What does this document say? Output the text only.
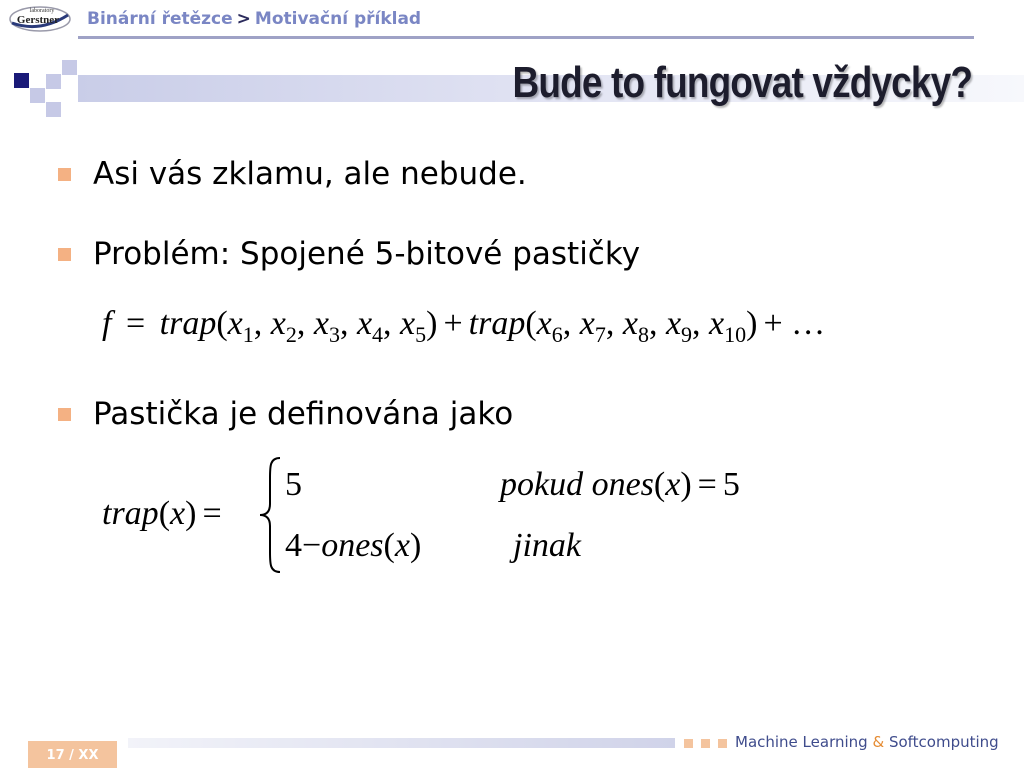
laboratory
Gerstner Binární řetězce > Motivační příklad
Bude to fungovat vždycky?
Asi vás zklamu, ale nebude.
Problém: Spojené 5-bitové pastičky
Pastička je definována jako
$f = trap(x_1$, $x_2$, $x_3$, $x_4$, $x_5$) + $trap(x_6$, $x_7$, $x_8$, $x_9$, $x_{10}$) + …
trap(x) =
5	pokud ones(x) = 5
4−ones(x)	jinak
17 / XX
Machine Learning & Softcomputing
